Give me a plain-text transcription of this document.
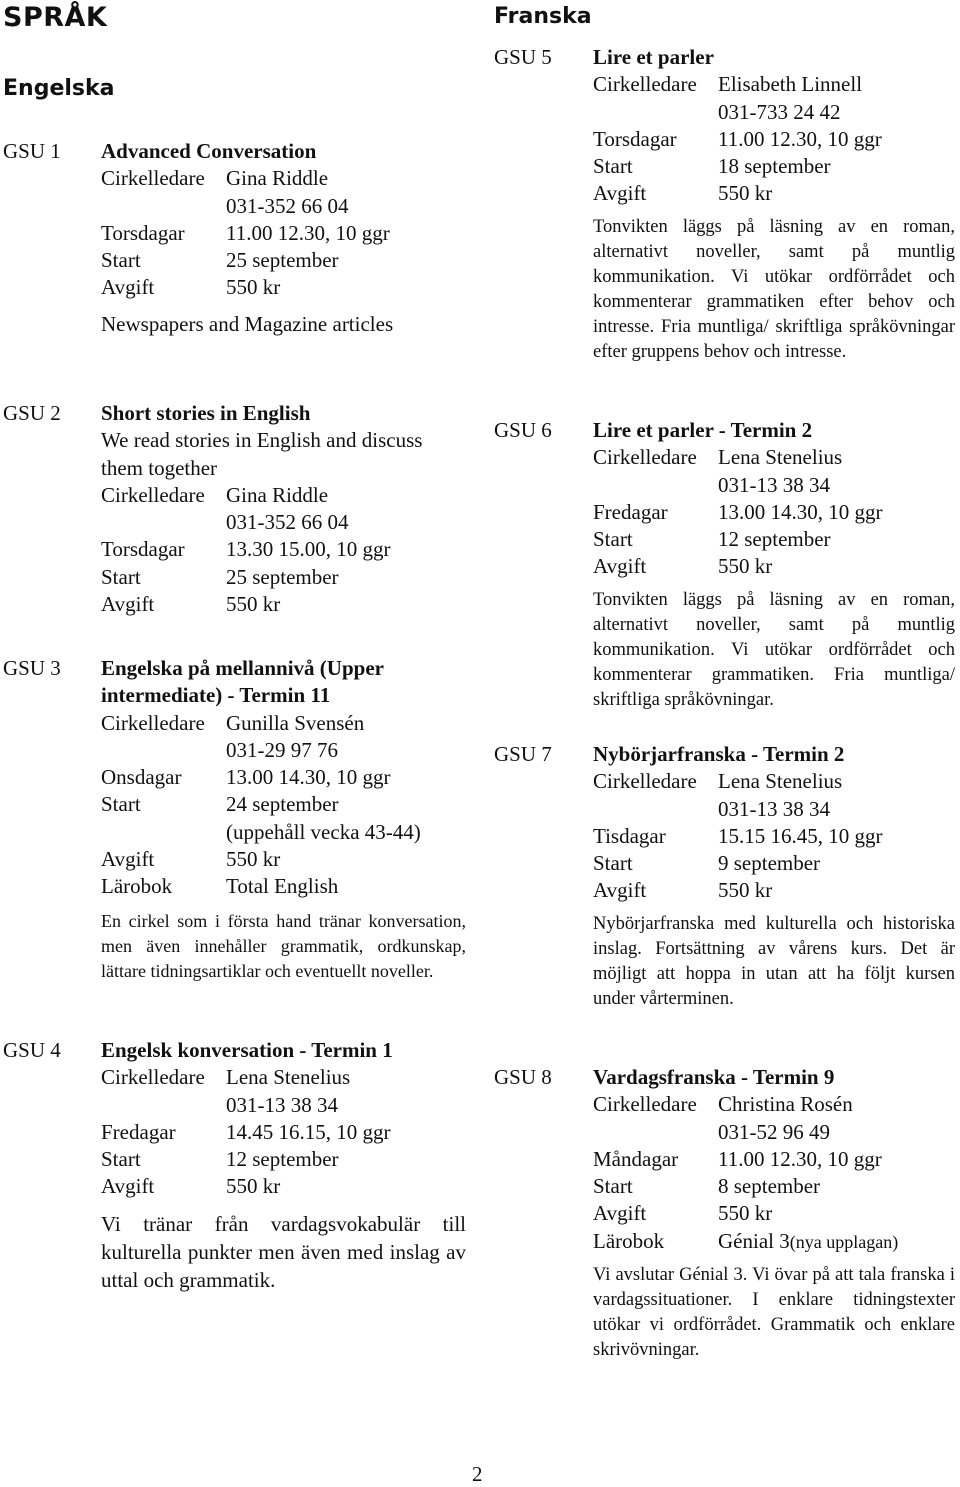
SPRÅK
Engelska
GSU 1 Advanced Conversation
Cirkelledare	Gina Riddle
031-352 66 04
Torsdagar	11.00 12.30, 10 ggr
Start	25 september
Avgift	550 kr
Newspapers and Magazine articles
GSU 2 Short stories in English
We read stories in English and discuss
them together
Cirkelledare	Gina Riddle
031-352 66 04
Torsdagar	13.30 15.00, 10 ggr
Start	25 september
Avgift	550 kr
GSU 3 Engelska på mellannivå (Upper
intermediate) - Termin 11
Cirkelledare	Gunilla Svensén
031-29 97 76
Onsdagar	13.00 14.30, 10 ggr
Start	24 september
(uppehåll vecka 43-44)
Avgift	550 kr
Lärobok	Total English
En cirkel som i första hand tränar konversation, men även innehåller grammatik, ordkunskap, lättare tidningsartiklar och eventuellt noveller.
GSU 4 Engelsk konversation - Termin 1
Cirkelledare	Lena Stenelius
031-13 38 34
Fredagar	14.45 16.15, 10 ggr
Start	12 september
Avgift	550 kr
Vi tränar från vardagsvokabulär till kulturella punkter men även med inslag av uttal och grammatik.
Franska
GSU 5 Lire et parler
Cirkelledare	Elisabeth Linnell
031-733 24 42
Torsdagar	11.00 12.30, 10 ggr
Start	18 september
Avgift	550 kr
Tonvikten läggs på läsning av en roman, alternativt noveller, samt på muntlig kommunikation. Vi utökar ordförrådet och kommenterar grammatiken efter behov och intresse. Fria muntliga/ skriftliga språkövningar efter gruppens behov och intresse.
GSU 6 Lire et parler - Termin 2
Cirkelledare	Lena Stenelius
031-13 38 34
Fredagar	13.00 14.30, 10 ggr
Start	12 september
Avgift	550 kr
Tonvikten läggs på läsning av en roman, alternativt noveller, samt på muntlig kommunikation. Vi utökar ordförrådet och kommenterar grammatiken. Fria muntliga/ skriftliga språkövningar.
GSU 7 Nybörjarfranska - Termin 2
Cirkelledare	Lena Stenelius
031-13 38 34
Tisdagar	15.15 16.45, 10 ggr
Start	9 september
Avgift	550 kr
Nybörjarfranska med kulturella och historiska inslag. Fortsättning av vårens kurs. Det är möjligt att hoppa in utan att ha följt kursen under vårterminen.
GSU 8 Vardagsfranska - Termin 9
Cirkelledare	Christina Rosén
031-52 96 49
Måndagar	11.00 12.30, 10 ggr
Start	8 september
Avgift	550 kr
Lärobok	Génial 3(nya upplagan)
Vi avslutar Génial 3. Vi övar på att tala franska i vardagssituationer. I enklare tidningstexter utökar vi ordförrådet. Grammatik och enklare skrivövningar.
2
